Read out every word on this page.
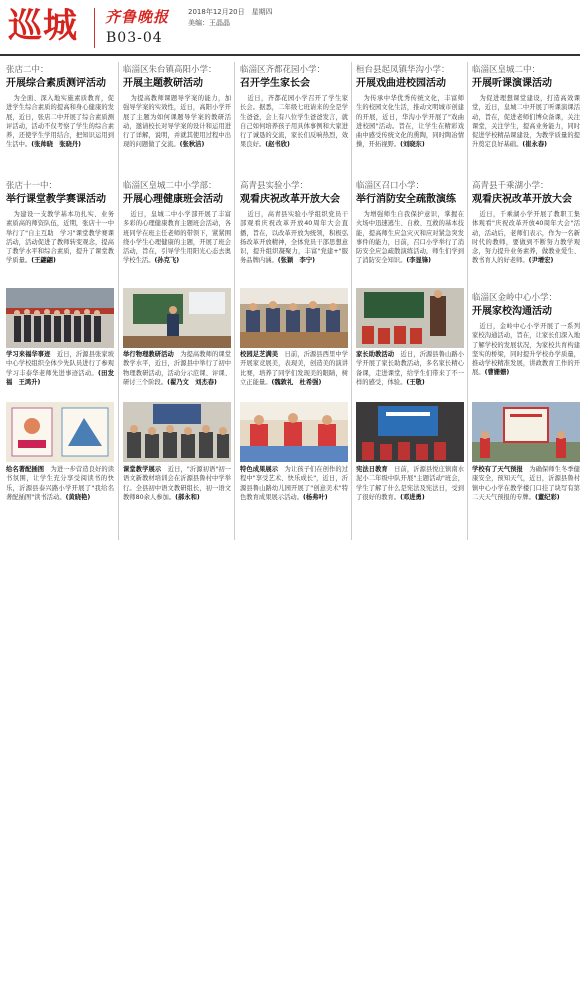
巡城 齐鲁晚报	2018年12月20日　星期四
美编：王晶晶
B03-04
张店二中：
开展综合素质测评活动
为全面、深入地实施素质教育，促进学生综合素质的提高和身心健康的发展，近日，张店二中开展了综合素质测评活动，活动不仅考察了学生的综合素养，还使学生学用结合，把知识运用到生活中。(张帅晓　张晓丹)
临淄区朱台镇高阳小学：
开展主题教研活动
为提高教师课题导学案的能力，加强导学案的实效性，近日，高阳小学开展了主题为如何课题导学案的教研活动，邀请校长对导学案的设计和运用进行了详解，说明，并就其使用过程中出现的问题做了交流。(张秋洁)
临淄区齐都花园小学：
召开学生家长会
近日，齐都花园小学召开了学生家长会。据悉，二年级七班请来的全是学生爸爸，会上有八位学生爸爸发言，就自己如何培养孩子用具体事例和大家进行了诚恳的交流，家长们反响热烈，效果良好。(赵书欣)
桓台县起凤镇华沟小学：
开展戏曲进校园活动
为传承中华优秀传统文化，丰富师生的校园文化生活，推动文明城市创建的开展，近日，华沟小学开展了"戏曲进校园"活动。旨在，让学生在精彩戏曲中感受传统文化的熏陶，同时陶冶情操，开拓视野。(刘晓东)
临淄区皇城二中：
开展听课演课活动
为促进理想课堂建设，打造高效课堂，近日，皇城二中开展了听课演课活动，旨在，促进老师们博众备课，关注课堂，关注学生，提高业务能力，同时促进学校精品课建设，为教学质量的提升奠定良好基础。(崔永春)
张店十一中：
举行课堂教学赛课活动
为建设一支教学基本功扎实、业务素质高的师资队伍，近期，张店十一中举行了"自主互助　学习"课堂教学赛课活动，活动促进了教师转变观念，提高了教学水平和综合素质，提升了课堂教学质量。(王翩翩)
临淄区皇城二中小学部：
开展心理健康班会活动
近日，皇城二中小学部开展了丰富多彩的心理健康教育主题班会活动，各班同学在班主任老师的带领下，紧紧围绕小学生心理健康的主题，开展了班会活动，旨在，引导学生用阳光心态去奥学校生活。(孙克飞)
高青县实验小学：
观看庆祝改革开放大会
近日，高青县实验小学组织党员干部观看庆祝改革开放40周年大会直播，旨在，以改革开放为统领，积极弘扬改革开放精神，全体党员干部思想意识，提升组织凝聚力，丰富"党建+"服务品牌内涵。(张颖　李宁)
临淄区召口小学：
举行消防安全疏散演练
为增强师生自我保护意识，掌握在火场中迅速逃生、自救、互救的基本技能，提高师生应急灾灭和应对紧急突发事件的能力，日前，召口小学举行了消防安全应急疏散演练活动，师生们学到了消防安全知识。(李显锋)
高青县千乘湖小学：
观看庆祝改革开放大会
近日，千乘湖小学开展了教职工集体观看"庆祝改革开放40周年大会"活动，活动后，老师们表示，作为一名新时代的教师，要做到不断努力教学观念，努力提升业务素养，做教业爱生、教书育人的好老师。(尹增宏)
学习来福华事迹　 近日，沂源县张家坡中心学校组织全体少先队员进行了参观学习丰泰华老师先进事迹活动。(田发福　王鸿升)
举行物理教研活动　 为提高教师的课堂教学水平，近日，沂源县中举行了初中物理教研活动，活动分示范课、评课、研讨三个阶段。(翟乃文　刘杰春)
校园足芝满美　 日前，沂源县西里中学开展家竞展美，表现美，创造美的演讲比赛，培养了同学们发现美的眼睛，树立正能量。(魏敦礼　杜希强)
家长助教活动　 近日，沂源县鲁山路小学开展了家长助教活动，多名家长精心备课，走进课堂，给学生们带来了不一样的感受，体验。(王敬)
临淄区金岭中心小学：
开展家校沟通活动
近日，金岭中心小学开展了一系列家校沟通活动，旨在，让家长们深入地了解学校的发展状况，为家校共育构建坚实的桥梁，同时提升学校办学质量，推动学校精准发展，讲政教育工作的开展。(曹姗姗)
给名著配插图　 为进一步营造良好的读书氛围，让学生充分享受阅读书的快乐，沂源县泰兴路小学开展了"我给名著配插图"读书活动。(黄晓艳)
课堂教学展示　 近日，"沂源初语"初一语文新教材培训会在沂源县鲁村中学举行。全县初中语文教研组长，初一语文教师80余人参加。(郝永和)
特色成果展示　 为让孩子们在创作的过程中"享受艺术、快乐成长"，近日，沂源县鲁山路幼儿园开展了"创意美术"特色教育成果展示活动。(杨弗叶)
宪法日教育　 日前，沂源县悦庄镇南水泥小二年级中队开展"主题活动"班会，学生了解了什么是宪法及宪法日，受到了很好的教育。(邓进勇)
学校有了天气预报　 为确保师生冬季健康安全，预知天气，近日，沂源县鲁村镇中心小学在教学楼门口挂了块写有第二天天气预报的专牌。(董纪彩)
